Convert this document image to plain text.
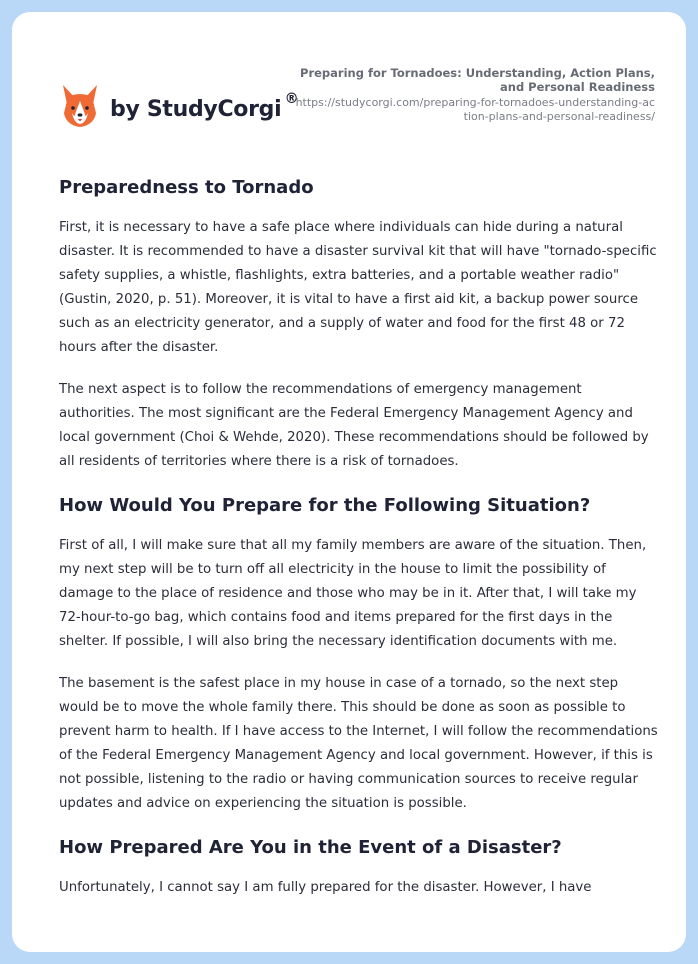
by StudyCorgi ®
Preparing for Tornadoes: Understanding, Action Plans, and Personal Readiness
https://studycorgi.com/preparing-for-tornadoes-understanding-action-plans-and-personal-readiness/
Preparedness to Tornado

First, it is necessary to have a safe place where individuals can hide during a natural disaster. It is recommended to have a disaster survival kit that will have "tornado-specific safety supplies, a whistle, flashlights, extra batteries, and a portable weather radio" (Gustin, 2020, p. 51). Moreover, it is vital to have a first aid kit, a backup power source such as an electricity generator, and a supply of water and food for the first 48 or 72 hours after the disaster.

The next aspect is to follow the recommendations of emergency management authorities. The most significant are the Federal Emergency Management Agency and local government (Choi & Wehde, 2020). These recommendations should be followed by all residents of territories where there is a risk of tornadoes.

How Would You Prepare for the Following Situation?

First of all, I will make sure that all my family members are aware of the situation. Then, my next step will be to turn off all electricity in the house to limit the possibility of damage to the place of residence and those who may be in it. After that, I will take my 72-hour-to-go bag, which contains food and items prepared for the first days in the shelter. If possible, I will also bring the necessary identification documents with me.

The basement is the safest place in my house in case of a tornado, so the next step would be to move the whole family there. This should be done as soon as possible to prevent harm to health. If I have access to the Internet, I will follow the recommendations of the Federal Emergency Management Agency and local government. However, if this is not possible, listening to the radio or having communication sources to receive regular updates and advice on experiencing the situation is possible.

How Prepared Are You in the Event of a Disaster?

Unfortunately, I cannot say I am fully prepared for the disaster. However, I have
